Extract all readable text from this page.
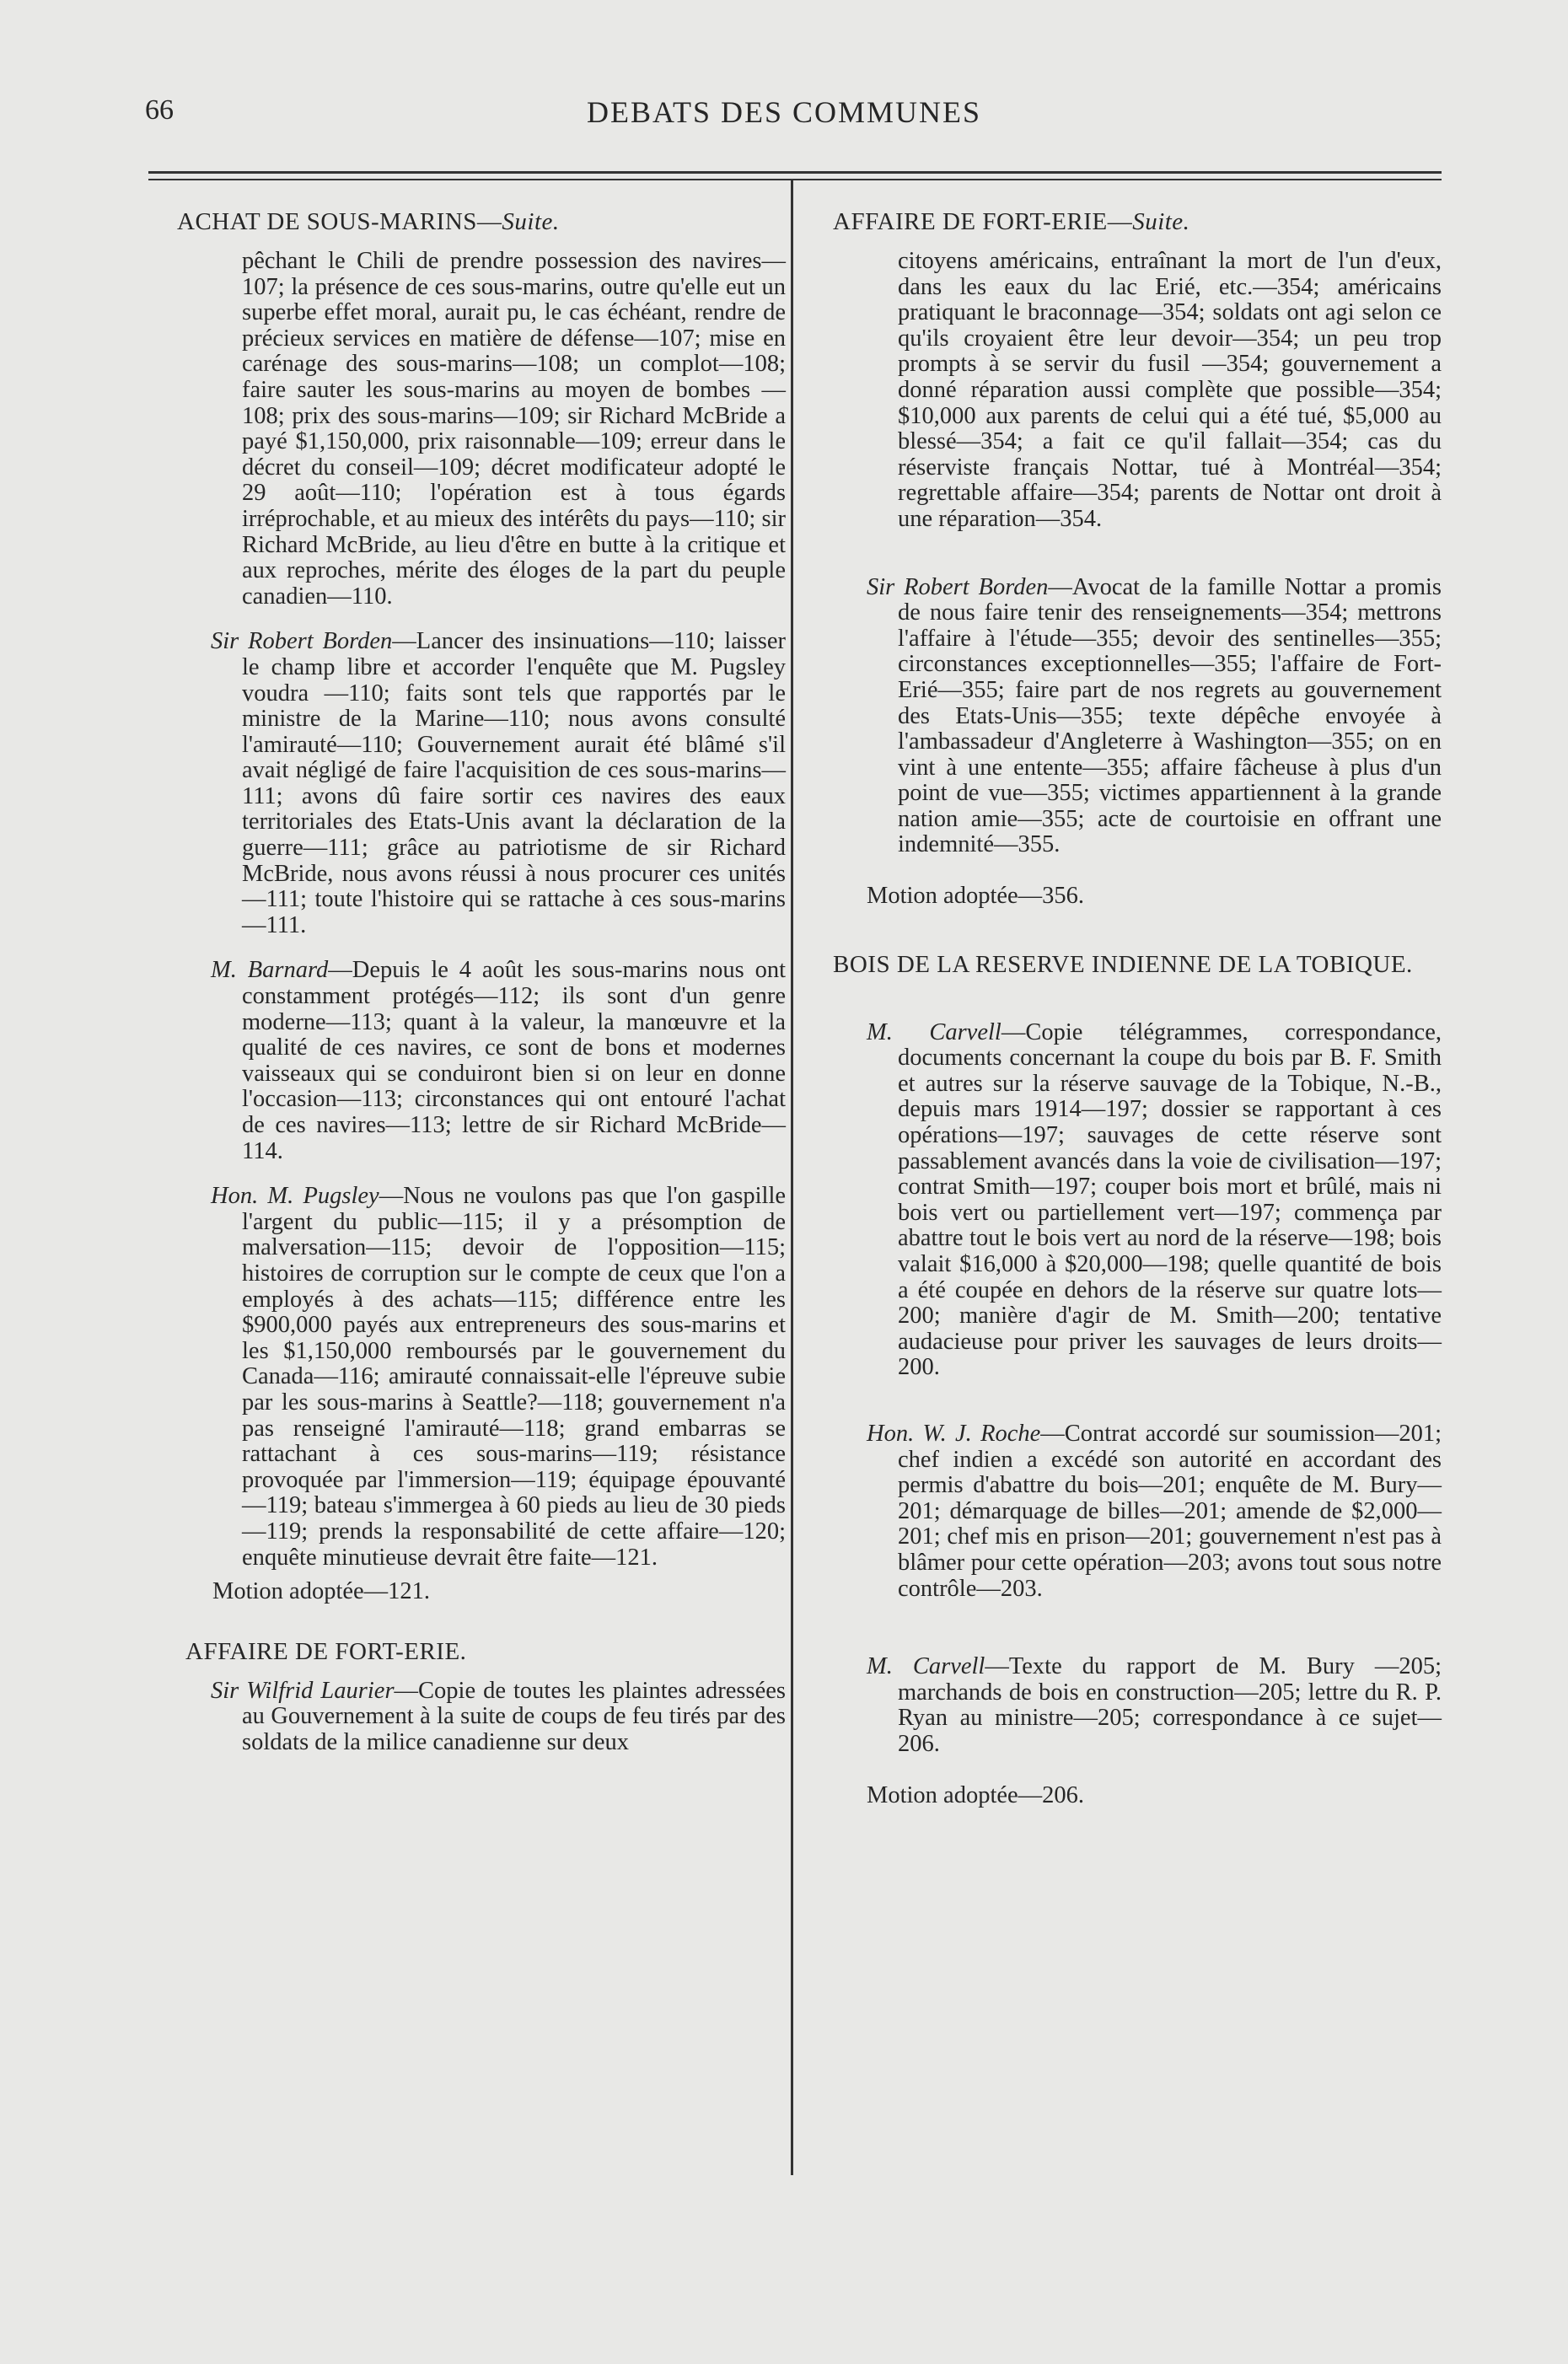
66	DEBATS DES COMMUNES
ACHAT DE SOUS-MARINS—Suite.

pêchant le Chili de prendre possession des navires—107; la présence de ces sous-marins, outre qu'elle eut un superbe effet moral, aurait pu, le cas échéant, rendre de précieux services en matière de défense—107; mise en carénage des sous-marins—108; un complot—108; faire sauter les sous-marins au moyen de bombes —108; prix des sous-marins—109; sir Richard McBride a payé $1,150,000, prix raisonnable—109; erreur dans le décret du conseil—109; décret modificateur adopté le 29 août—110; l'opération est à tous égards irréprochable, et au mieux des intérêts du pays—110; sir Richard McBride, au lieu d'être en butte à la critique et aux reproches, mérite des éloges de la part du peuple canadien—110.

Sir Robert Borden—Lancer des insinuations—110; laisser le champ libre et accorder l'enquête que M. Pugsley voudra —110; faits sont tels que rapportés par le ministre de la Marine—110; nous avons consulté l'amirauté—110; Gouvernement aurait été blâmé s'il avait négligé de faire l'acquisition de ces sous-marins—111; avons dû faire sortir ces navires des eaux territoriales des Etats-Unis avant la déclaration de la guerre—111; grâce au patriotisme de sir Richard McBride, nous avons réussi à nous procurer ces unités—111; toute l'histoire qui se rattache à ces sous-marins—111.

M. Barnard—Depuis le 4 août les sous-marins nous ont constamment protégés—112; ils sont d'un genre moderne—113; quant à la valeur, la manœuvre et la qualité de ces navires, ce sont de bons et modernes vaisseaux qui se conduiront bien si on leur en donne l'occasion—113; circonstances qui ont entouré l'achat de ces navires—113; lettre de sir Richard McBride—114.

Hon. M. Pugsley—Nous ne voulons pas que l'on gaspille l'argent du public—115; il y a présomption de malversation—115; devoir de l'opposition—115; histoires de corruption sur le compte de ceux que l'on a employés à des achats—115; différence entre les $900,000 payés aux entrepreneurs des sous-marins et les $1,150,000 remboursés par le gouvernement du Canada—116; amirauté connaissait-elle l'épreuve subie par les sous-marins à Seattle?—118; gouvernement n'a pas renseigné l'amirauté—118; grand embarras se rattachant à ces sous-marins—119; résistance provoquée par l'immersion—119; équipage épouvanté—119; bateau s'immergea à 60 pieds au lieu de 30 pieds—119; prends la responsabilité de cette affaire—120; enquête minutieuse devrait être faite—121.

Motion adoptée—121.

AFFAIRE DE FORT-ERIE.

Sir Wilfrid Laurier—Copie de toutes les plaintes adressées au Gouvernement à la suite de coups de feu tirés par des soldats de la milice canadienne sur deux

AFFAIRE DE FORT-ERIE—Suite.

citoyens américains, entraînant la mort de l'un d'eux, dans les eaux du lac Erié, etc.—354; américains pratiquant le braconnage—354; soldats ont agi selon ce qu'ils croyaient être leur devoir—354; un peu trop prompts à se servir du fusil —354; gouvernement a donné réparation aussi complète que possible—354; $10,000 aux parents de celui qui a été tué, $5,000 au blessé—354; a fait ce qu'il fallait—354; cas du réserviste français Nottar, tué à Montréal—354; regrettable affaire—354; parents de Nottar ont droit à une réparation—354.

Sir Robert Borden—Avocat de la famille Nottar a promis de nous faire tenir des renseignements—354; mettrons l'affaire à l'étude—355; devoir des sentinelles—355; circonstances exceptionnelles—355; l'affaire de Fort-Erié—355; faire part de nos regrets au gouvernement des Etats-Unis—355; texte dépêche envoyée à l'ambassadeur d'Angleterre à Washington—355; on en vint à une entente—355; affaire fâcheuse à plus d'un point de vue—355; victimes appartiennent à la grande nation amie—355; acte de courtoisie en offrant une indemnité—355.

Motion adoptée—356.

BOIS DE LA RESERVE INDIENNE DE LA TOBIQUE.

M. Carvell—Copie télégrammes, correspondance, documents concernant la coupe du bois par B. F. Smith et autres sur la réserve sauvage de la Tobique, N.-B., depuis mars 1914—197; dossier se rapportant à ces opérations—197; sauvages de cette réserve sont passablement avancés dans la voie de civilisation—197; contrat Smith—197; couper bois mort et brûlé, mais ni bois vert ou partiellement vert—197; commença par abattre tout le bois vert au nord de la réserve—198; bois valait $16,000 à $20,000—198; quelle quantité de bois a été coupée en dehors de la réserve sur quatre lots—200; manière d'agir de M. Smith—200; tentative audacieuse pour priver les sauvages de leurs droits—200.

Hon. W. J. Roche—Contrat accordé sur soumission—201; chef indien a excédé son autorité en accordant des permis d'abattre du bois—201; enquête de M. Bury—201; démarquage de billes—201; amende de $2,000—201; chef mis en prison—201; gouvernement n'est pas à blâmer pour cette opération—203; avons tout sous notre contrôle—203.

M. Carvell—Texte du rapport de M. Bury —205; marchands de bois en construction—205; lettre du R. P. Ryan au ministre—205; correspondance à ce sujet—206.

Motion adoptée—206.
